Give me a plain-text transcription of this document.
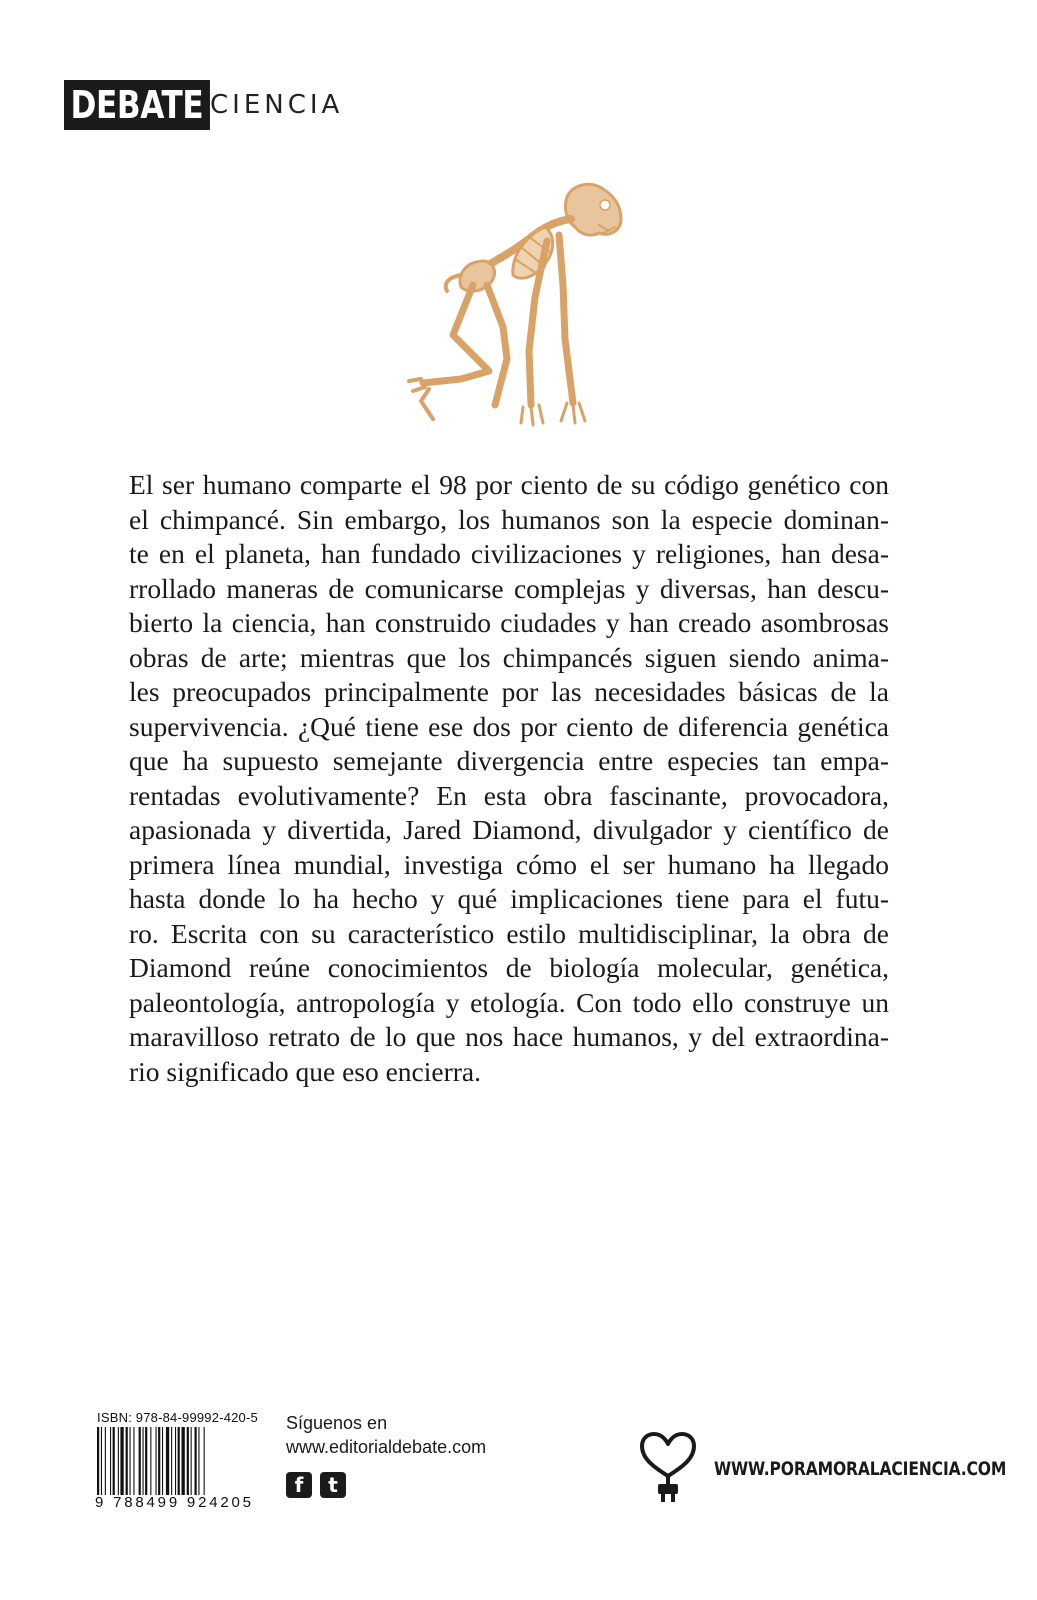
DEBATE CIENCIA
El ser humano comparte el 98 por ciento de su código genético con
el chimpancé. Sin embargo, los humanos son la especie dominan-
te en el planeta, han fundado civilizaciones y religiones, han desa-
rrollado maneras de comunicarse complejas y diversas, han descu-
bierto la ciencia, han construido ciudades y han creado asombrosas
obras de arte; mientras que los chimpancés siguen siendo anima-
les preocupados principalmente por las necesidades básicas de la
supervivencia. ¿Qué tiene ese dos por ciento de diferencia genética
que ha supuesto semejante divergencia entre especies tan empa-
rentadas evolutivamente? En esta obra fascinante, provocadora,
apasionada y divertida, Jared Diamond, divulgador y científico de
primera línea mundial, investiga cómo el ser humano ha llegado
hasta donde lo ha hecho y qué implicaciones tiene para el futu-
ro. Escrita con su característico estilo multidisciplinar, la obra de
Diamond reúne conocimientos de biología molecular, genética,
paleontología, antropología y etología. Con todo ello construye un
maravilloso retrato de lo que nos hace humanos, y del extraordina-
rio significado que eso encierra.
ISBN: 978-84-99992-420-5
9 788499 924205
Síguenos en
www.editorialdebate.com
f	t
WWW.PORAMORALACIENCIA.COM
